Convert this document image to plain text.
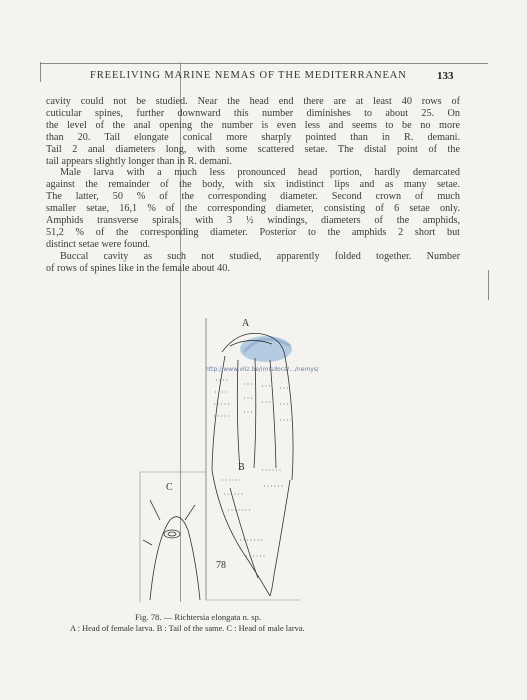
FREELIVING MARINE NEMAS OF THE MEDITERRANEAN	133

cavity could not be studied. Near the head end there are at least 40 rows of
cuticular spines, further downward this number diminishes to about 25. On
the level of the anal opening the number is even less and seems to be no more
than 20. Tail elongate conical more sharply pointed than in R. demani.
Tail 2 anal diameters long, with some scattered setae. The distal point of the
tail appears slightly longer than in R. demani.

Male larva with a much less pronounced head portion, hardly demarcated
against the remainder of the body, with six indistinct lips and as many setae.
The latter, 50 % of the corresponding diameter. Second crown of much
smaller setae, 16,1 % of the corresponding diameter, consisting of 6 setae only.
Amphids transverse spirals, with 3 ½ windings, diameters of the amphids,
51,2 % of the corresponding diameter. Posterior to the amphids 2 short but
distinct setae were found.

Buccal cavity as such not studied, apparently folded together. Number
of rows of spines like in the female about 40.

A
B
C
78
http://www.vliz.be/imisdocs/.../nemys/
Fig. 78. — Richtersia elongata n. sp.
A : Head of female larva. B : Tail of the same. C : Head of male larva.
